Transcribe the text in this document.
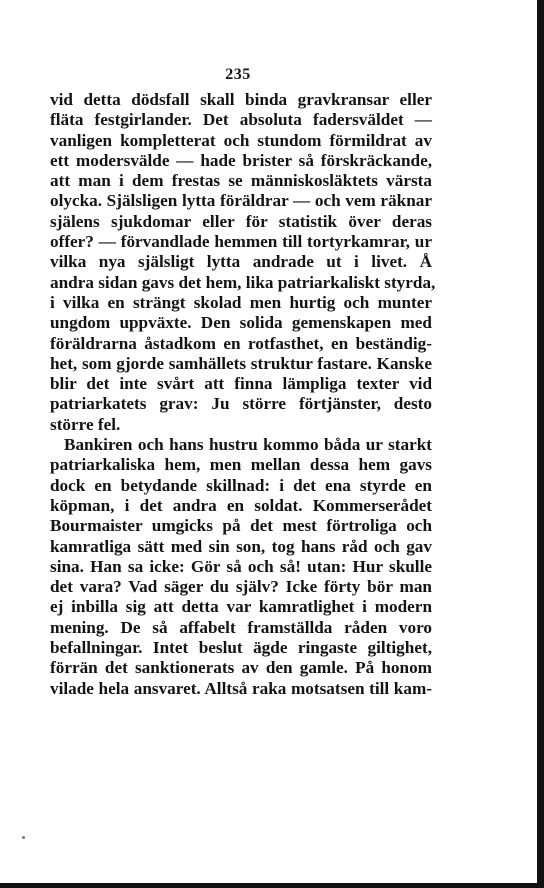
235
vid detta dödsfall skall binda gravkransar eller
fläta festgirlander. Det absoluta fadersväldet —
vanligen kompletterat och stundom förmildrat av
ett modersvälde — hade brister så förskräckande,
att man i dem frestas se människosläktets värsta
olycka. Själsligen lytta föräldrar — och vem räknar
själens sjukdomar eller för statistik över deras
offer? — förvandlade hemmen till tortyrkamrar, ur
vilka nya själsligt lytta andrade ut i livet. Å
andra sidan gavs det hem, lika patriarkaliskt styrda,
i vilka en strängt skolad men hurtig och munter
ungdom uppväxte. Den solida gemenskapen med
föräldrarna åstadkom en rotfasthet, en beständig-
het, som gjorde samhällets struktur fastare. Kanske
blir det inte svårt att finna lämpliga texter vid
patriarkatets grav: Ju större förtjänster, desto
större fel.
Bankiren och hans hustru kommo båda ur starkt
patriarkaliska hem, men mellan dessa hem gavs
dock en betydande skillnad: i det ena styrde en
köpman, i det andra en soldat. Kommerserådet
Bourmaister umgicks på det mest förtroliga och
kamratliga sätt med sin son, tog hans råd och gav
sina. Han sa icke: Gör så och så! utan: Hur skulle
det vara? Vad säger du själv? Icke förty bör man
ej inbilla sig att detta var kamratlighet i modern
mening. De så affabelt framställda råden voro
befallningar. Intet beslut ägde ringaste giltighet,
förrän det sanktionerats av den gamle. På honom
vilade hela ansvaret. Alltså raka motsatsen till kam-
